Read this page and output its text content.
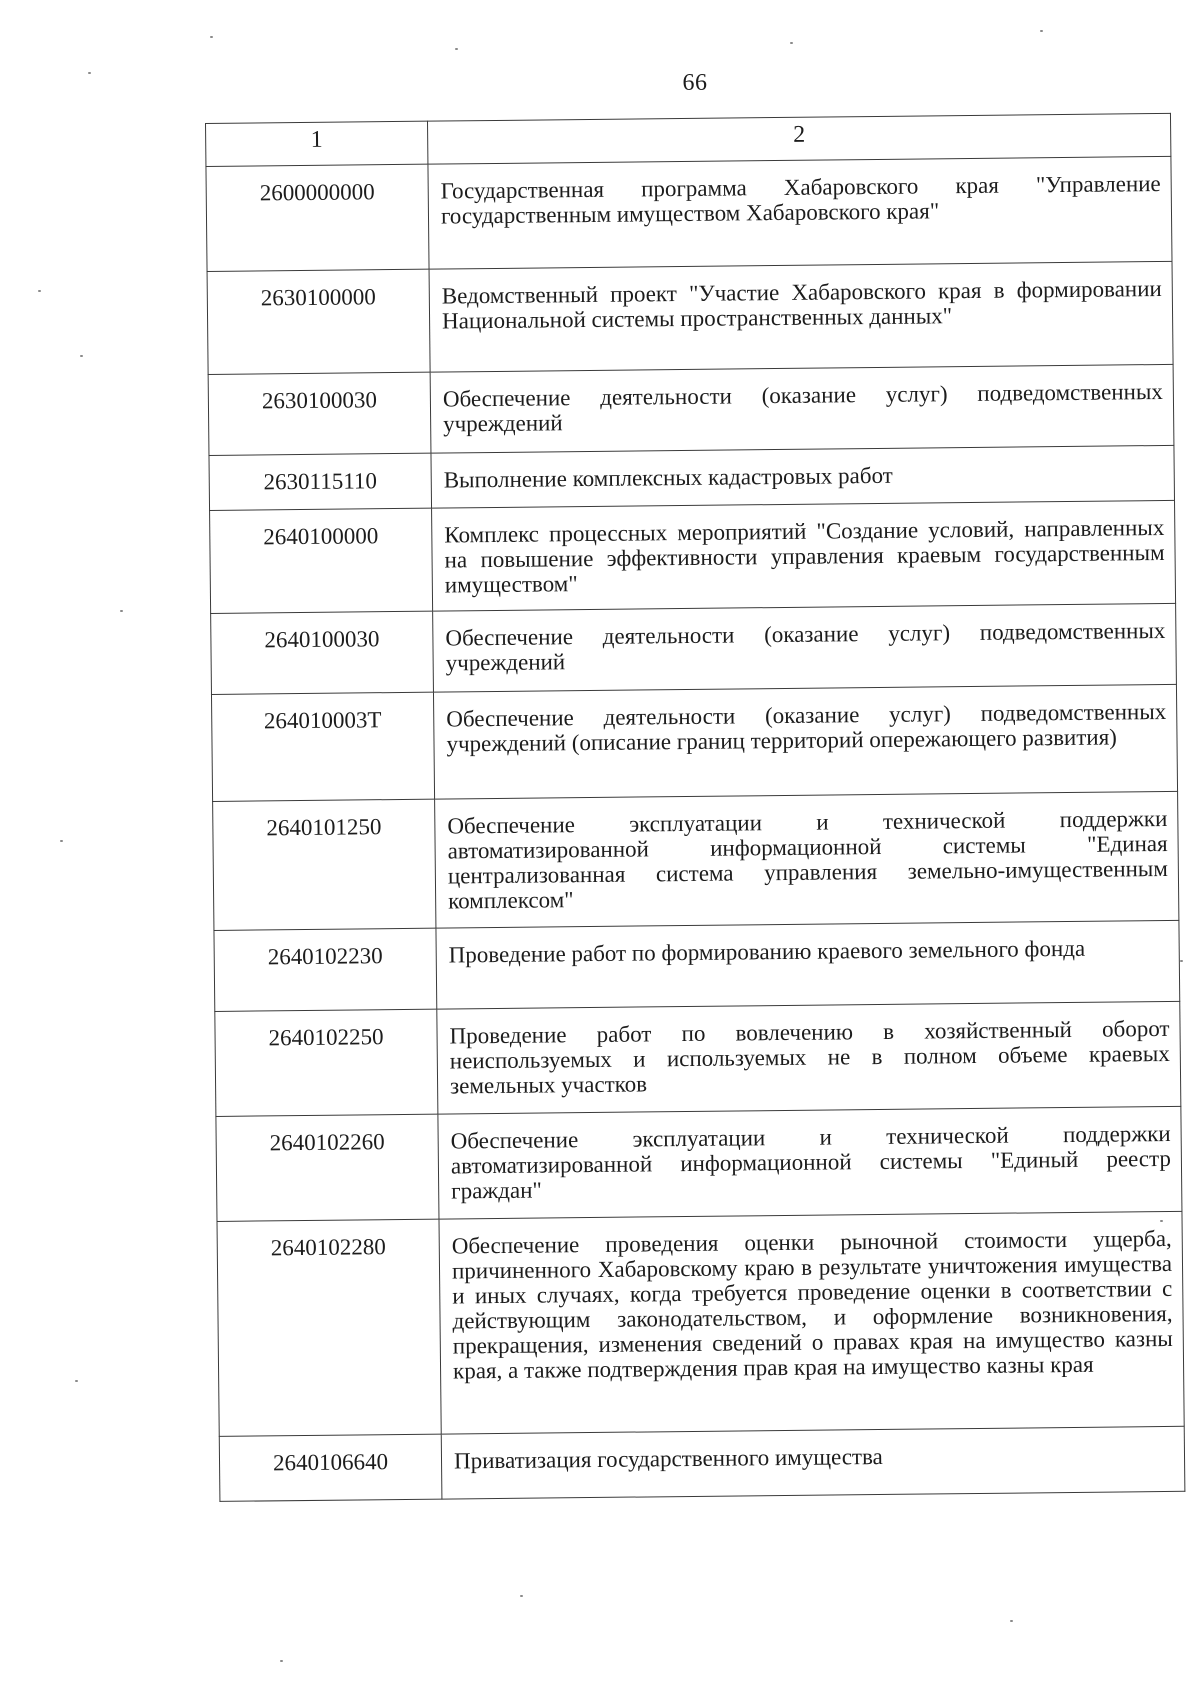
66
1	2
2600000000	Государственная программа Хабаровского края "Управление государственным имуществом Хабаровского края"
2630100000	Ведомственный проект "Участие Хабаровского края в формировании Национальной системы пространственных данных"
2630100030	Обеспечение деятельности (оказание услуг) подведомственных учреждений
2630115110	Выполнение комплексных кадастровых работ
2640100000	Комплекс процессных мероприятий "Создание условий, направленных на повышение эффективности управления краевым государственным имуществом"
2640100030	Обеспечение деятельности (оказание услуг) подведомственных учреждений
264010003Т	Обеспечение деятельности (оказание услуг) подведомственных учреждений (описание границ территорий опережающего развития)
2640101250	Обеспечение эксплуатации и технической поддержки автоматизированной информационной системы "Единая централизованная система управления земельно-имущественным комплексом"
2640102230	Проведение работ по формированию краевого земельного фонда
2640102250	Проведение работ по вовлечению в хозяйственный оборот неиспользуемых и используемых не в полном объеме краевых земельных участков
2640102260	Обеспечение эксплуатации и технической поддержки автоматизированной информационной системы "Единый реестр граждан"
2640102280	Обеспечение проведения оценки рыночной стоимости ущерба, причиненного Хабаровскому краю в результате уничтожения имущества и иных случаях, когда требуется проведение оценки в соответствии с действующим законодательством, и оформление возникновения, прекращения, изменения сведений о правах края на имущество казны края, а также подтверждения прав края на имущество казны края
2640106640	Приватизация государственного имущества
